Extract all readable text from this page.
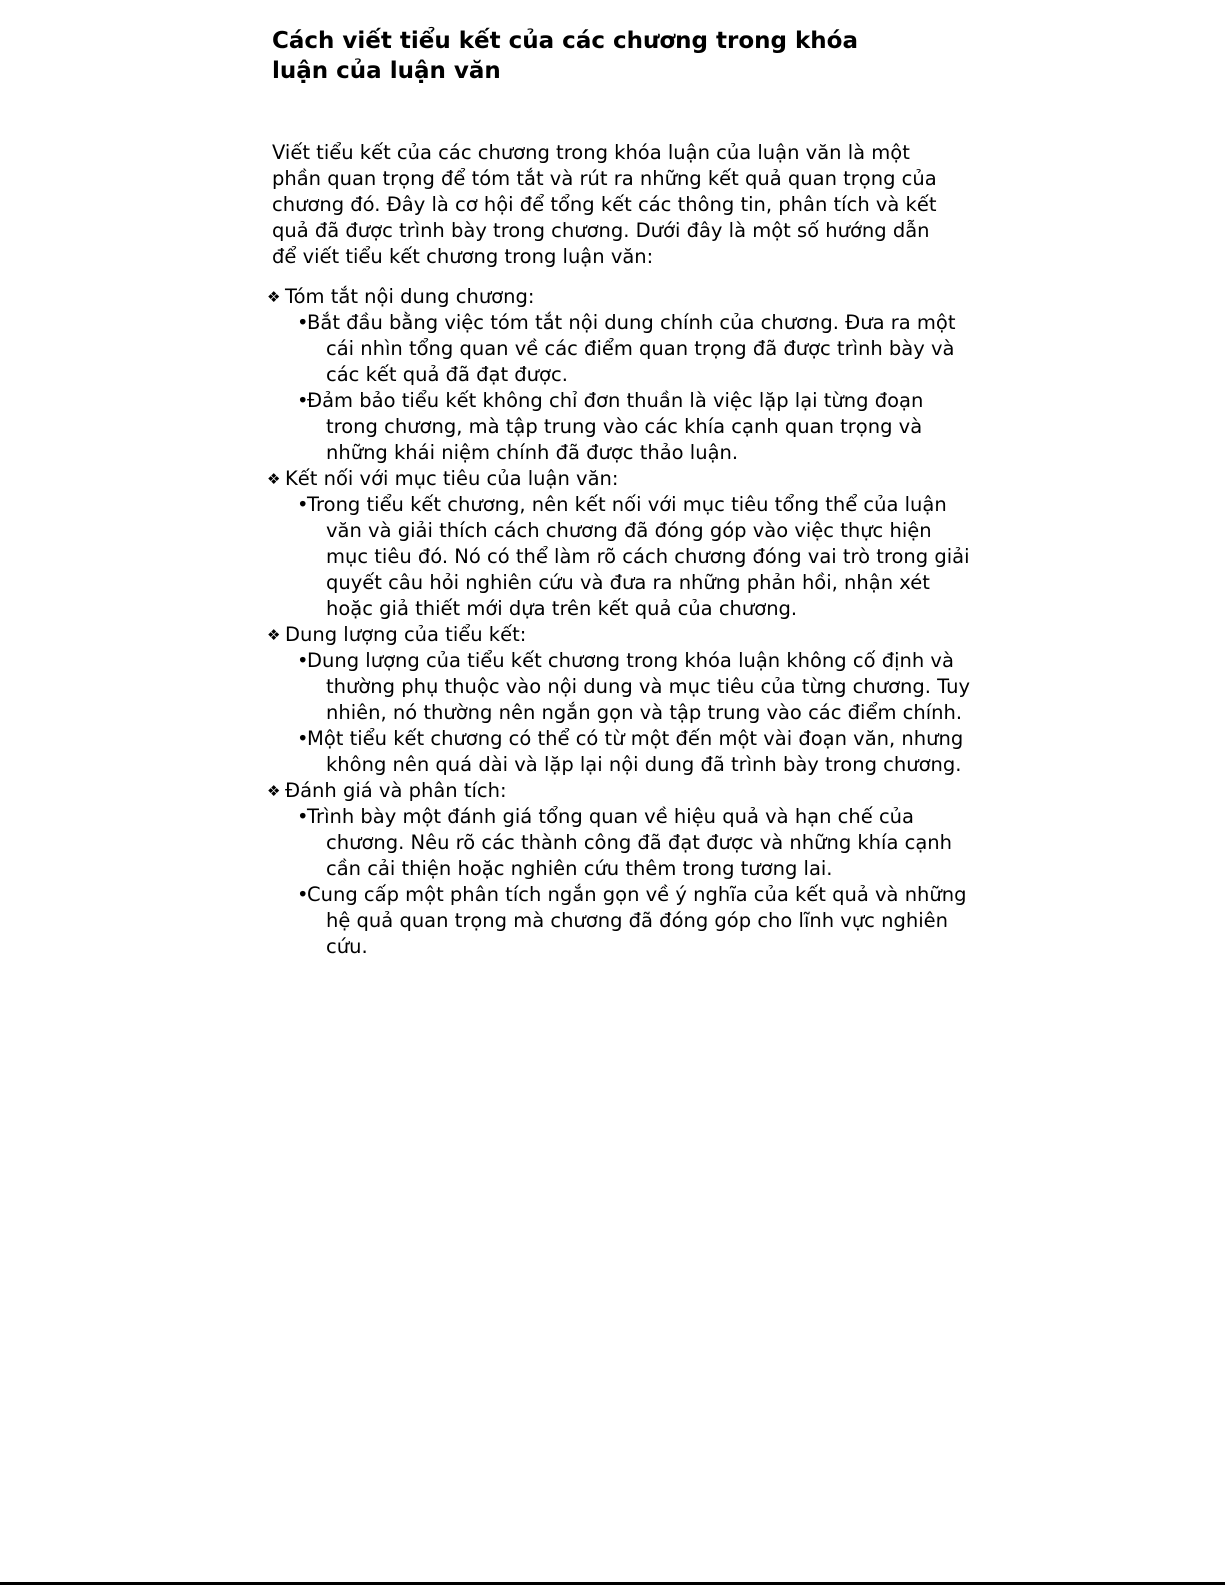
Cách viết tiểu kết của các chương trong khóa luận của luận văn

Viết tiểu kết của các chương trong khóa luận của luận văn là một phần quan trọng để tóm tắt và rút ra những kết quả quan trọng của chương đó. Đây là cơ hội để tổng kết các thông tin, phân tích và kết quả đã được trình bày trong chương. Dưới đây là một số hướng dẫn để viết tiểu kết chương trong luận văn:

❖ Tóm tắt nội dung chương:
•Bắt đầu bằng việc tóm tắt nội dung chính của chương. Đưa ra một cái nhìn tổng quan về các điểm quan trọng đã được trình bày và các kết quả đã đạt được.
•Đảm bảo tiểu kết không chỉ đơn thuần là việc lặp lại từng đoạn trong chương, mà tập trung vào các khía cạnh quan trọng và những khái niệm chính đã được thảo luận.
❖ Kết nối với mục tiêu của luận văn:
•Trong tiểu kết chương, nên kết nối với mục tiêu tổng thể của luận văn và giải thích cách chương đã đóng góp vào việc thực hiện mục tiêu đó. Nó có thể làm rõ cách chương đóng vai trò trong giải quyết câu hỏi nghiên cứu và đưa ra những phản hồi, nhận xét hoặc giả thiết mới dựa trên kết quả của chương.
❖ Dung lượng của tiểu kết:
•Dung lượng của tiểu kết chương trong khóa luận không cố định và thường phụ thuộc vào nội dung và mục tiêu của từng chương. Tuy nhiên, nó thường nên ngắn gọn và tập trung vào các điểm chính.
•Một tiểu kết chương có thể có từ một đến một vài đoạn văn, nhưng không nên quá dài và lặp lại nội dung đã trình bày trong chương.
❖ Đánh giá và phân tích:
•Trình bày một đánh giá tổng quan về hiệu quả và hạn chế của chương. Nêu rõ các thành công đã đạt được và những khía cạnh cần cải thiện hoặc nghiên cứu thêm trong tương lai.
•Cung cấp một phân tích ngắn gọn về ý nghĩa của kết quả và những hệ quả quan trọng mà chương đã đóng góp cho lĩnh vực nghiên cứu.
